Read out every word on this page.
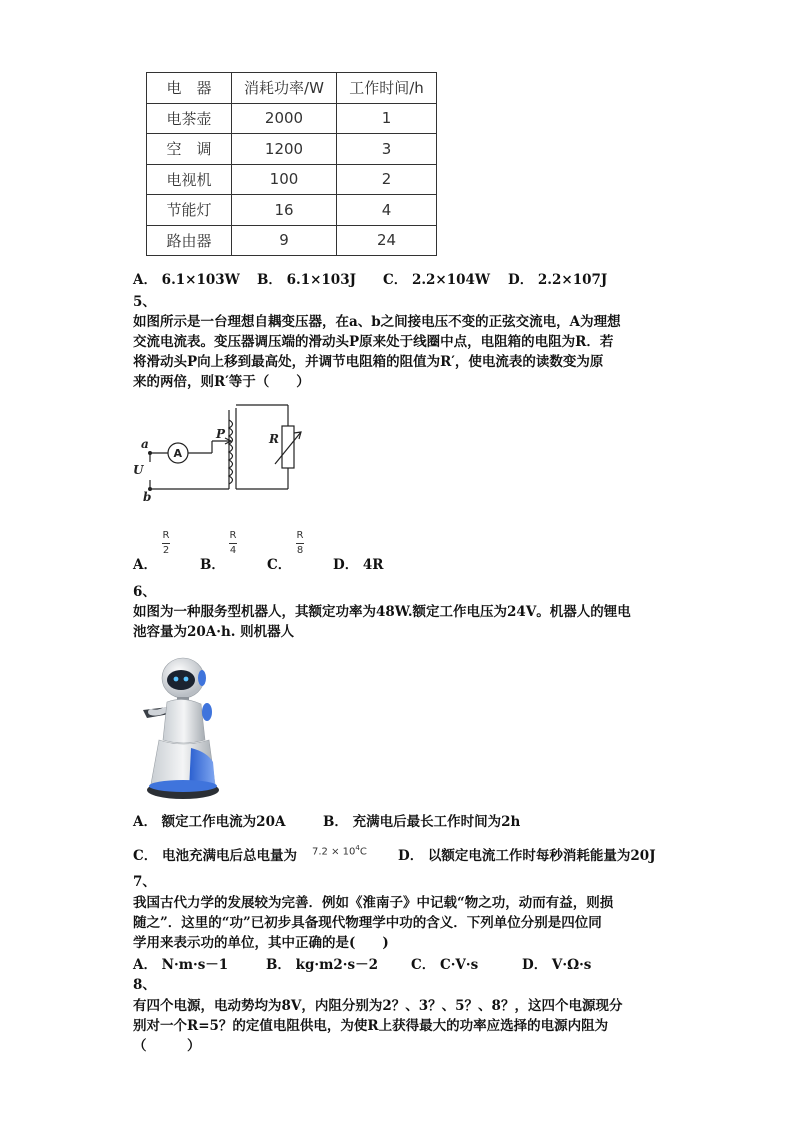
电　器	消耗功率/W	工作时间/h
电茶壶	2000	1
空　调	1200	3
电视机	100	2
节能灯	16	4
路由器	9	24
A． 6.1×103W B． 6.1×103J C． 2.2×104W D． 2.2×107J
5、
如图所示是一台理想自耦变压器，在a、b之间接电压不变的正弦交流电，A为理想
交流电流表。变压器调压端的滑动头P原来处于线圈中点，电阻箱的电阻为R．若
将滑动头P向上移到最高处，并调节电阻箱的阻值为R′，使电流表的读数变为原
来的两倍，则R′等于（　　）
a
b
U
P	R
A
A．
R
2
B．
R
4
C．
R
8
D． 4R
6、
如图为一种服务型机器人，其额定功率为48W.额定工作电压为24V。机器人的锂电
池容量为20A·h. 则机器人
A． 额定工作电流为20A	B． 充满电后最长工作时间为2h
C． 电池充满电后总电量为 $7.2 \times 10^4C$ D． 以额定电流工作时每秒消耗能量为20J
7、
我国古代力学的发展较为完善．例如《淮南子》中记载“物之功，动而有益，则损
随之”．这里的“功”已初步具备现代物理学中功的含义．下列单位分别是四位同
学用来表示功的单位，其中正确的是(　　)
A． N·m·s－1	B． kg·m2·s－2 C． C·V·s	D． V·Ω·s
8、
有四个电源，电动势均为8V，内阻分别为2？、3？、5？、8？，这四个电源现分
别对一个R=5？的定值电阻供电，为使R上获得最大的功率应选择的电源内阻为
（　　　）
